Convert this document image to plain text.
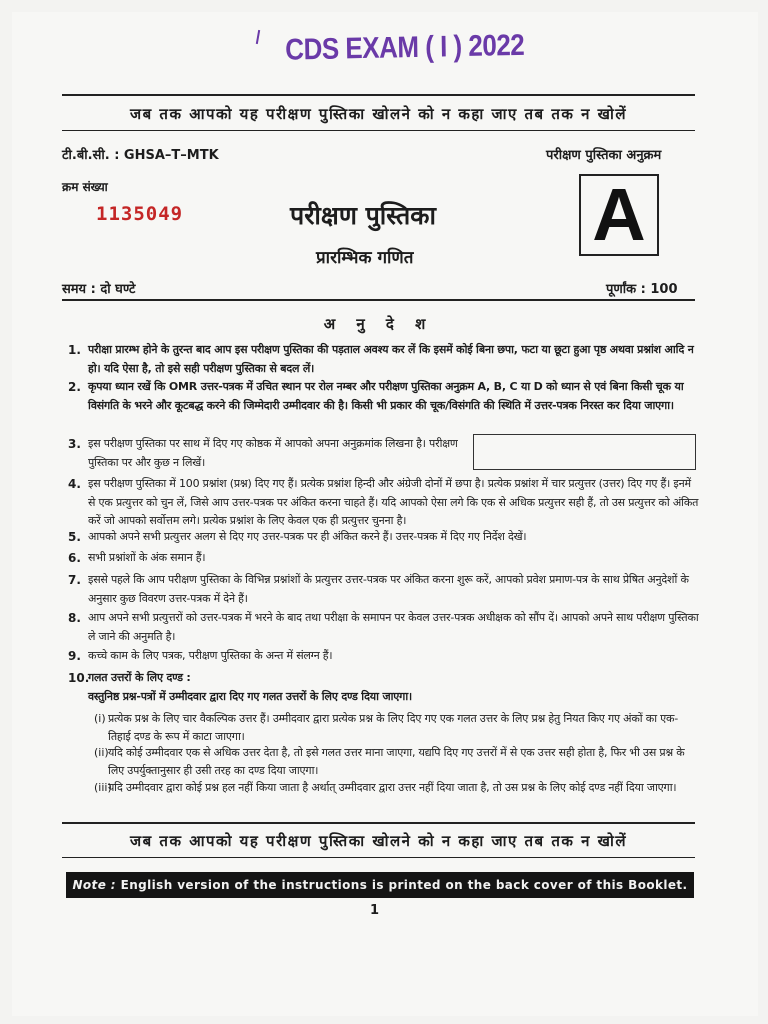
CDS EXAM ( I ) 2022
जब तक आपको यह परीक्षण पुस्तिका खोलने को न कहा जाए तब तक न खोलें
टी.बी.सी. : GHSA–T–MTK	परीक्षण पुस्तिका अनुक्रम
क्रम संख्या
1135049	परीक्षण पुस्तिका
प्रारम्भिक गणित
A
समय : दो घण्टे	पूर्णांक : 100
अ नु दे श
1. परीक्षा प्रारम्भ होने के तुरन्त बाद आप इस परीक्षण पुस्तिका की पड़ताल अवश्य कर लें कि इसमें कोई बिना छपा, फटा या छूटा हुआ पृष्ठ अथवा प्रश्नांश आदि न हो। यदि ऐसा है, तो इसे सही परीक्षण पुस्तिका से बदल लें।
2. कृपया ध्यान रखें कि OMR उत्तर-पत्रक में उचित स्थान पर रोल नम्बर और परीक्षण पुस्तिका अनुक्रम A, B, C या D को ध्यान से एवं बिना किसी चूक या विसंगति के भरने और कूटबद्ध करने की जिम्मेदारी उम्मीदवार की है। किसी भी प्रकार की चूक/विसंगति की स्थिति में उत्तर-पत्रक निरस्त कर दिया जाएगा।
3. इस परीक्षण पुस्तिका पर साथ में दिए गए कोष्ठक में आपको अपना अनुक्रमांक लिखना है। परीक्षण पुस्तिका पर और कुछ न लिखें।
4. इस परीक्षण पुस्तिका में 100 प्रश्नांश (प्रश्न) दिए गए हैं। प्रत्येक प्रश्नांश हिन्दी और अंग्रेजी दोनों में छपा है। प्रत्येक प्रश्नांश में चार प्रत्युत्तर (उत्तर) दिए गए हैं। इनमें से एक प्रत्युत्तर को चुन लें, जिसे आप उत्तर-पत्रक पर अंकित करना चाहते हैं। यदि आपको ऐसा लगे कि एक से अधिक प्रत्युत्तर सही हैं, तो उस प्रत्युत्तर को अंकित करें जो आपको सर्वोत्तम लगे। प्रत्येक प्रश्नांश के लिए केवल एक ही प्रत्युत्तर चुनना है।
5. आपको अपने सभी प्रत्युत्तर अलग से दिए गए उत्तर-पत्रक पर ही अंकित करने हैं। उत्तर-पत्रक में दिए गए निर्देश देखें।
6. सभी प्रश्नांशों के अंक समान हैं।
7. इससे पहले कि आप परीक्षण पुस्तिका के विभिन्न प्रश्नांशों के प्रत्युत्तर उत्तर-पत्रक पर अंकित करना शुरू करें, आपको प्रवेश प्रमाण-पत्र के साथ प्रेषित अनुदेशों के अनुसार कुछ विवरण उत्तर-पत्रक में देने हैं।
8. आप अपने सभी प्रत्युत्तरों को उत्तर-पत्रक में भरने के बाद तथा परीक्षा के समापन पर केवल उत्तर-पत्रक अधीक्षक को सौंप दें। आपको अपने साथ परीक्षण पुस्तिका ले जाने की अनुमति है।
9. कच्चे काम के लिए पत्रक, परीक्षण पुस्तिका के अन्त में संलग्न हैं।
10.
गलत उत्तरों के लिए दण्ड :
वस्तुनिष्ठ प्रश्न-पत्रों में उम्मीदवार द्वारा दिए गए गलत उत्तरों के लिए दण्ड दिया जाएगा।
(i) प्रत्येक प्रश्न के लिए चार वैकल्पिक उत्तर हैं। उम्मीदवार द्वारा प्रत्येक प्रश्न के लिए दिए गए एक गलत उत्तर के लिए प्रश्न हेतु नियत किए गए अंकों का एक-तिहाई दण्ड के रूप में काटा जाएगा।
(ii) यदि कोई उम्मीदवार एक से अधिक उत्तर देता है, तो इसे गलत उत्तर माना जाएगा, यद्यपि दिए गए उत्तरों में से एक उत्तर सही होता है, फिर भी उस प्रश्न के लिए उपर्युक्तानुसार ही उसी तरह का दण्ड दिया जाएगा।
(iii)
यदि उम्मीदवार द्वारा कोई प्रश्न हल नहीं किया जाता है अर्थात् उम्मीदवार द्वारा उत्तर नहीं दिया जाता है, तो उस प्रश्न के लिए कोई दण्ड नहीं दिया जाएगा।
जब तक आपको यह परीक्षण पुस्तिका खोलने को न कहा जाए तब तक न खोलें
Note : English version of the instructions is printed on the back cover of this Booklet.
1
